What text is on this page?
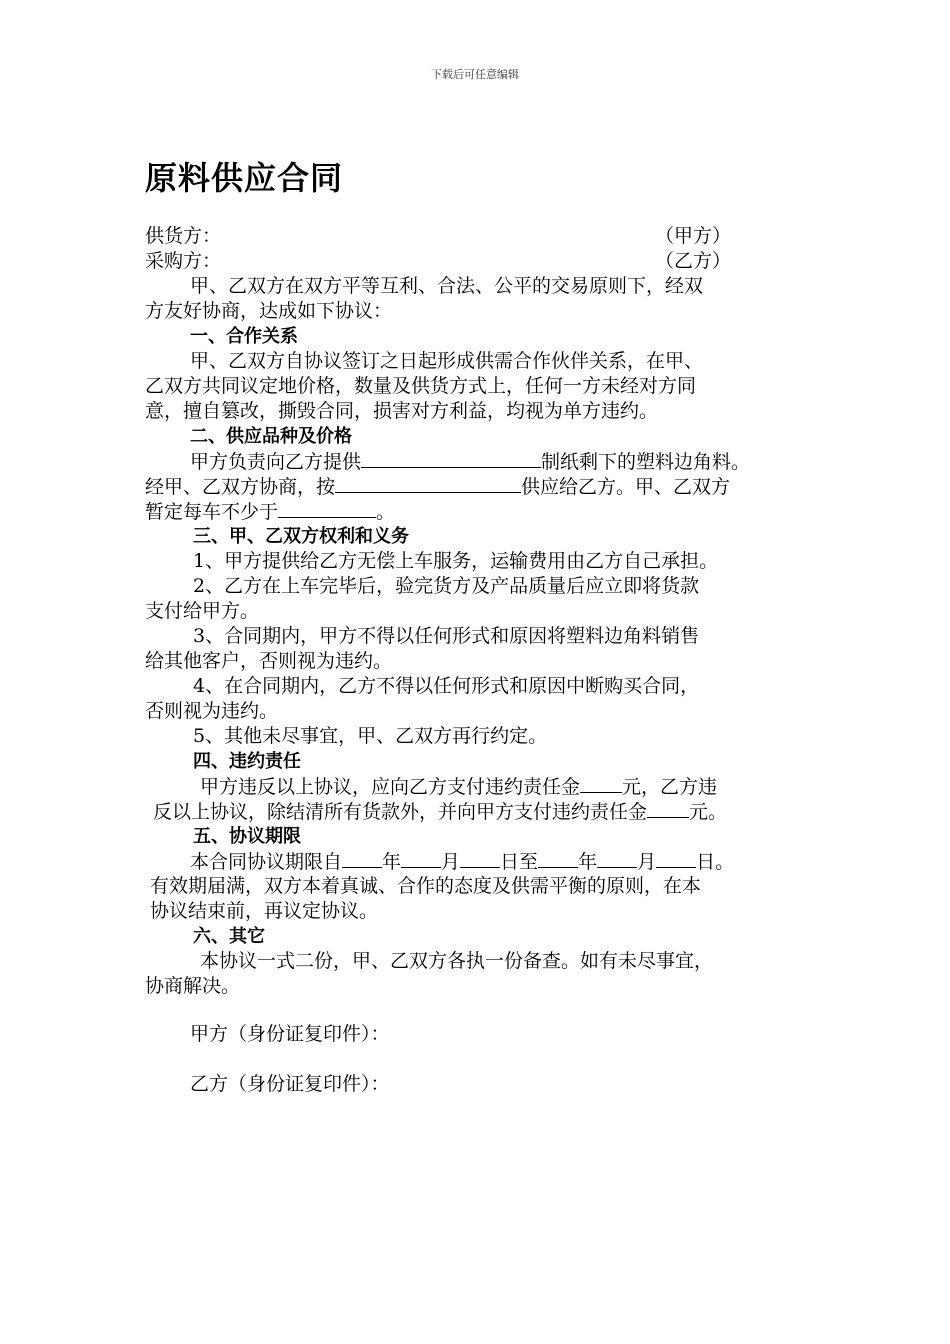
下载后可任意编辑
原料供应合同
供货方：	（甲方）
采购方：	（乙方）
甲、乙双方在双方平等互利、合法、公平的交易原则下，经双
方友好协商，达成如下协议：
一、合作关系
甲、乙双方自协议签订之日起形成供需合作伙伴关系，在甲、
乙双方共同议定地价格，数量及供货方式上，任何一方未经对方同
意，擅自篡改，撕毁合同，损害对方利益，均视为单方违约。
二、供应品种及价格
甲方负责向乙方提供	制纸剩下的塑料边角料。
经甲、乙双方协商，按	供应给乙方。甲、乙双方
暂定每车不少于	。
三、甲、乙双方权利和义务
1、甲方提供给乙方无偿上车服务，运输费用由乙方自己承担。
2、乙方在上车完毕后，验完货方及产品质量后应立即将货款
支付给甲方。
3、合同期内，甲方不得以任何形式和原因将塑料边角料销售
给其他客户，否则视为违约。
4、在合同期内，乙方不得以任何形式和原因中断购买合同，
否则视为违约。
5、其他未尽事宜，甲、乙双方再行约定。
四、违约责任
甲方违反以上协议，应向乙方支付违约责任金 元，乙方违
反以上协议，除结清所有货款外，并向甲方支付违约责任金 元。
五、协议期限
本合同协议期限自 年 月 日至 年 月 日。
有效期届满，双方本着真诚、合作的态度及供需平衡的原则，在本
协议结束前，再议定协议。
六、其它
本协议一式二份，甲、乙双方各执一份备查。如有未尽事宜，
协商解决。
甲方（身份证复印件）：
乙方（身份证复印件）：
